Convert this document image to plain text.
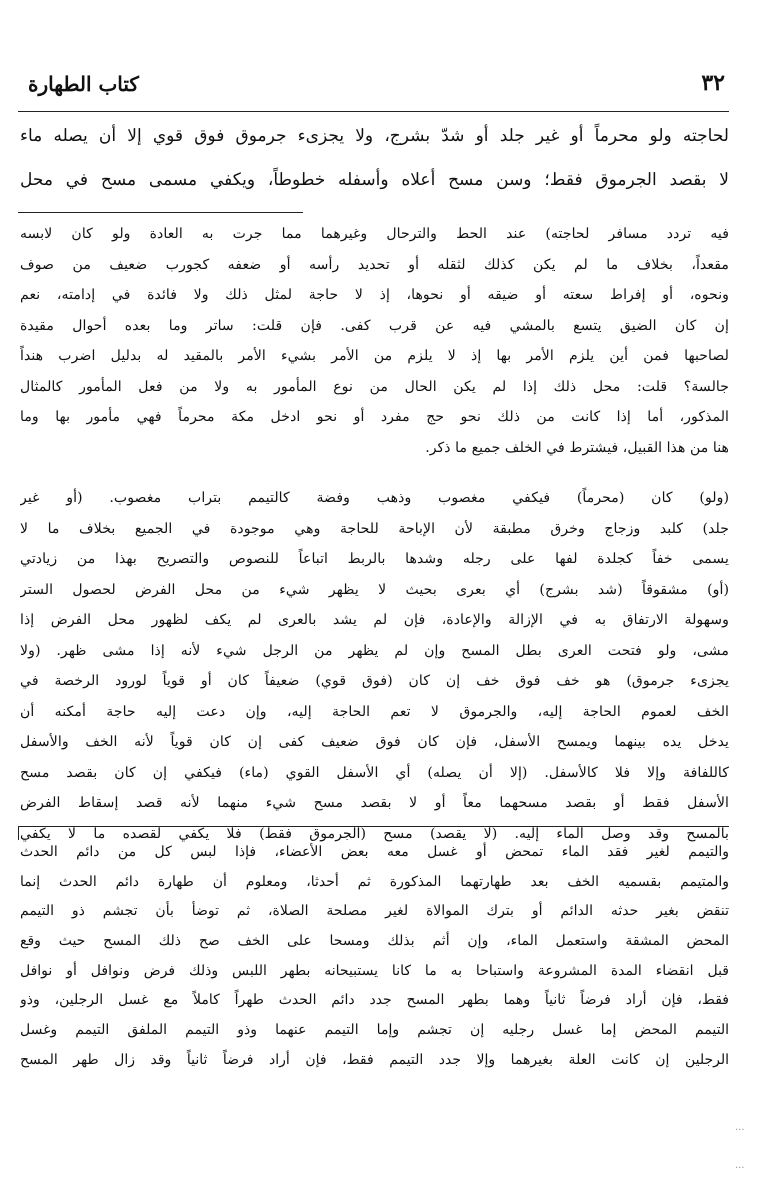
٣٢
كتاب الطهارة
لحاجته ولو محرماً أو غير جلد أو شدّ بشرج، ولا يجزىء جرموق فوق قوي إلا أن يصله ماء
لا بقصد الجرموق فقط؛ وسن مسح أعلاه وأسفله خطوطاً، ويكفي مسمى مسح في محل
فيه تردد مسافر لحاجته) عند الحط والترحال وغيرهما مما جرت به العادة ولو كان لابسه
مقعداً، بخلاف ما لم يكن كذلك لثقله أو تحديد رأسه أو ضعفه كجورب ضعيف من صوف
ونحوه، أو إفراط سعته أو ضيقه أو نحوها، إذ لا حاجة لمثل ذلك ولا فائدة في إدامته، نعم
إن كان الضيق يتسع بالمشي فيه عن قرب كفى. فإن قلت: ساتر وما بعده أحوال مقيدة
لصاحبها فمن أين يلزم الأمر بها إذ لا يلزم من الأمر بشيء الأمر بالمقيد له بدليل اضرب هنداً
جالسة؟ قلت: محل ذلك إذا لم يكن الحال من نوع المأمور به ولا من فعل المأمور كالمثال
المذكور، أما إذا كانت من ذلك نحو حج مفرد أو نحو ادخل مكة محرماً فهي مأمور بها وما
هنا من هذا القبيل، فيشترط في الخلف جميع ما ذكر.
(ولو) كان (محرماً) فيكفي مغصوب وذهب وفضة كالتيمم بتراب مغصوب. (أو غير
جلد) كلبد وزجاج وخرق مطبقة لأن الإباحة للحاجة وهي موجودة في الجميع بخلاف ما لا
يسمى خفاً كجلدة لفها على رجله وشدها بالربط اتباعاً للنصوص والتصريح بهذا من زيادتي
(أو) مشقوقاً (شد بشرج) أي بعرى بحيث لا يظهر شيء من محل الفرض لحصول الستر
وسهولة الارتفاق به في الإزالة والإعادة، فإن لم يشد بالعرى لم يكف لظهور محل الفرض إذا
مشى، ولو فتحت العرى بطل المسح وإن لم يظهر من الرجل شيء لأنه إذا مشى ظهر. (ولا
يجزىء جرموق) هو خف فوق خف إن كان (فوق قوي) ضعيفاً كان أو قوياً لورود الرخصة في
الخف لعموم الحاجة إليه، والجرموق لا تعم الحاجة إليه، وإن دعت إليه حاجة أمكنه أن
يدخل يده بينهما ويمسح الأسفل، فإن كان فوق ضعيف كفى إن كان قوياً لأنه الخف والأسفل
كاللفافة وإلا فلا كالأسفل. (إلا أن يصله) أي الأسفل القوي (ماء) فيكفي إن كان بقصد مسح
الأسفل فقط أو بقصد مسحهما معاً أو لا بقصد مسح شيء منهما لأنه قصد إسقاط الفرض
بالمسح وقد وصل الماء إليه. (لا يقصد) مسح (الجرموق فقط) فلا يكفي لقصده ما لا يكفي
والتيمم لغير فقد الماء تمحض أو غسل معه بعض الأعضاء، فإذا لبس كل من دائم الحدث
والمتيمم بقسميه الخف بعد طهارتهما المذكورة ثم أحدثا، ومعلوم أن طهارة دائم الحدث إنما
تنقض بغير حدثه الدائم أو بترك الموالاة لغير مصلحة الصلاة، ثم توضأ بأن تجشم ذو التيمم
المحض المشقة واستعمل الماء، وإن أثم بذلك ومسحا على الخف صح ذلك المسح حيث وقع
قبل انقضاء المدة المشروعة واستباحا به ما كانا يستبيحانه بطهر اللبس وذلك فرض ونوافل أو نوافل
فقط، فإن أراد فرضاً ثانياً وهما بطهر المسح جدد دائم الحدث طهراً كاملاً مع غسل الرجلين، وذو
التيمم المحض إما غسل رجليه إن تجشم وإما التيمم عنهما وذو التيمم الملفق التيمم وغسل
الرجلين إن كانت العلة بغيرهما وإلا جدد التيمم فقط، فإن أراد فرضاً ثانياً وقد زال طهر المسح
···
···
